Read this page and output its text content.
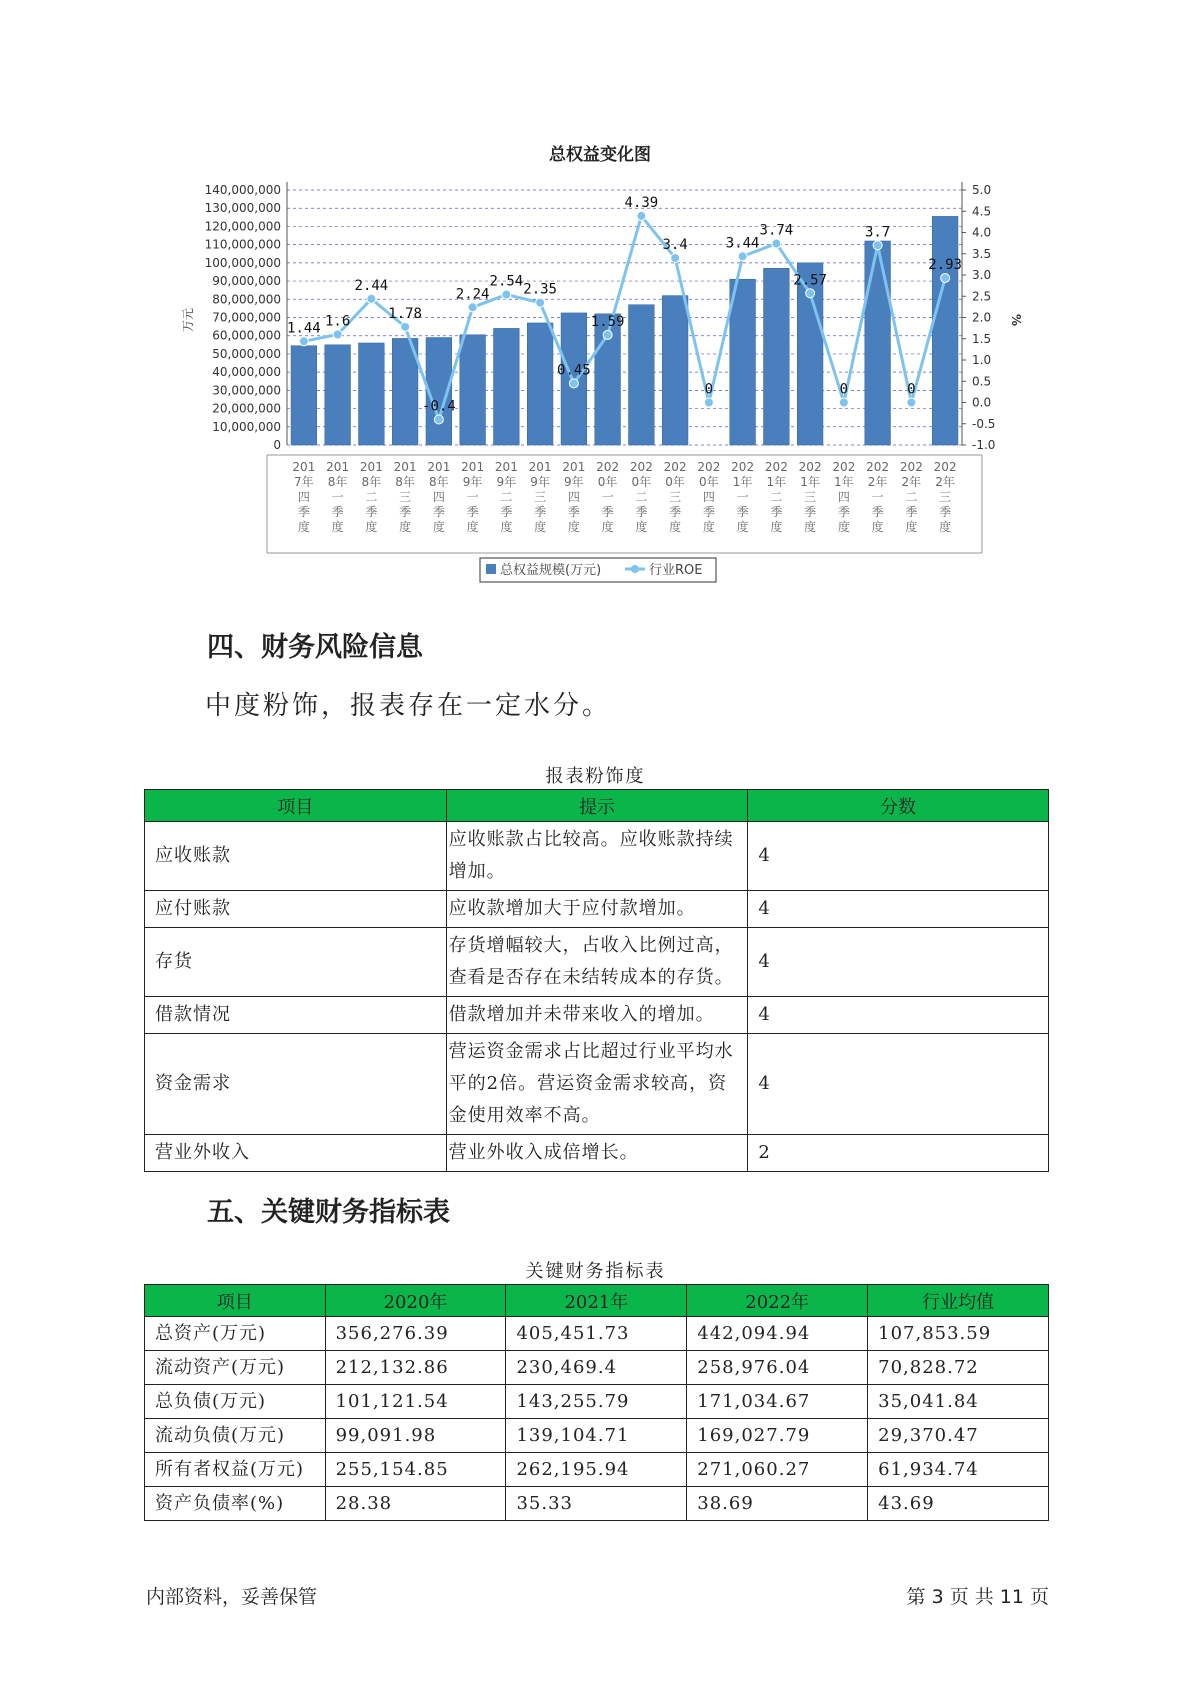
总权益变化图
0
10,000,000
20,000,000
30,000,000
40,000,000
50,000,000
60,000,000
70,000,000
80,000,000
90,000,000
100,000,000
110,000,000
120,000,000
130,000,000
140,000,000
-1.0
-0.5
0.0
0.5
1.0
1.5
2.0
2.5
3.0
3.5
4.0
4.5
5.0
万元	%
201 7年四季度
201 8年一季度
201 8年二季度
201 8年三季度
201 8年四季度
201 9年一季度
201 9年二季度
201 9年三季度
201 9年四季度
202 0年一季度
202 0年二季度
202 0年三季度
202 0年四季度
202 1年一季度
202 1年二季度
202 1年三季度
202 1年四季度
202 2年一季度
202 2年二季度
202 2年三季度
1.44 1.6
2.44
1.78
-0.4
2.24
2.54
2.35
0.45
1.59
4.39
3.4
0
3.44
3.74
2.57
0
3.7
0
2.93
总权益规模(万元)	行业ROE
四、财务风险信息
中度粉饰，报表存在一定水分。
报表粉饰度
项目	提示	分数
应收账款	应收账款占比较高。应收账款持续增加。	4
应付账款	应收款增加大于应付款增加。	4
存货	存货增幅较大，占收入比例过高，查看是否存在未结转成本的存货。	4
借款情况	借款增加并未带来收入的增加。	4
资金需求	营运资金需求占比超过行业平均水平的2倍。营运资金需求较高，资金使用效率不高。	4
营业外收入	营业外收入成倍增长。	2
五、关键财务指标表
关键财务指标表
项目	2020年	2021年	2022年	行业均值
总资产(万元)	356,276.39	405,451.73	442,094.94	107,853.59
流动资产(万元)	212,132.86	230,469.4	258,976.04	70,828.72
总负债(万元)	101,121.54	143,255.79	171,034.67	35,041.84
流动负债(万元)	99,091.98	139,104.71	169,027.79	29,370.47
所有者权益(万元)	255,154.85	262,195.94	271,060.27	61,934.74
资产负债率(%)	28.38	35.33	38.69	43.69
内部资料，妥善保管	第 3 页 共 11 页
